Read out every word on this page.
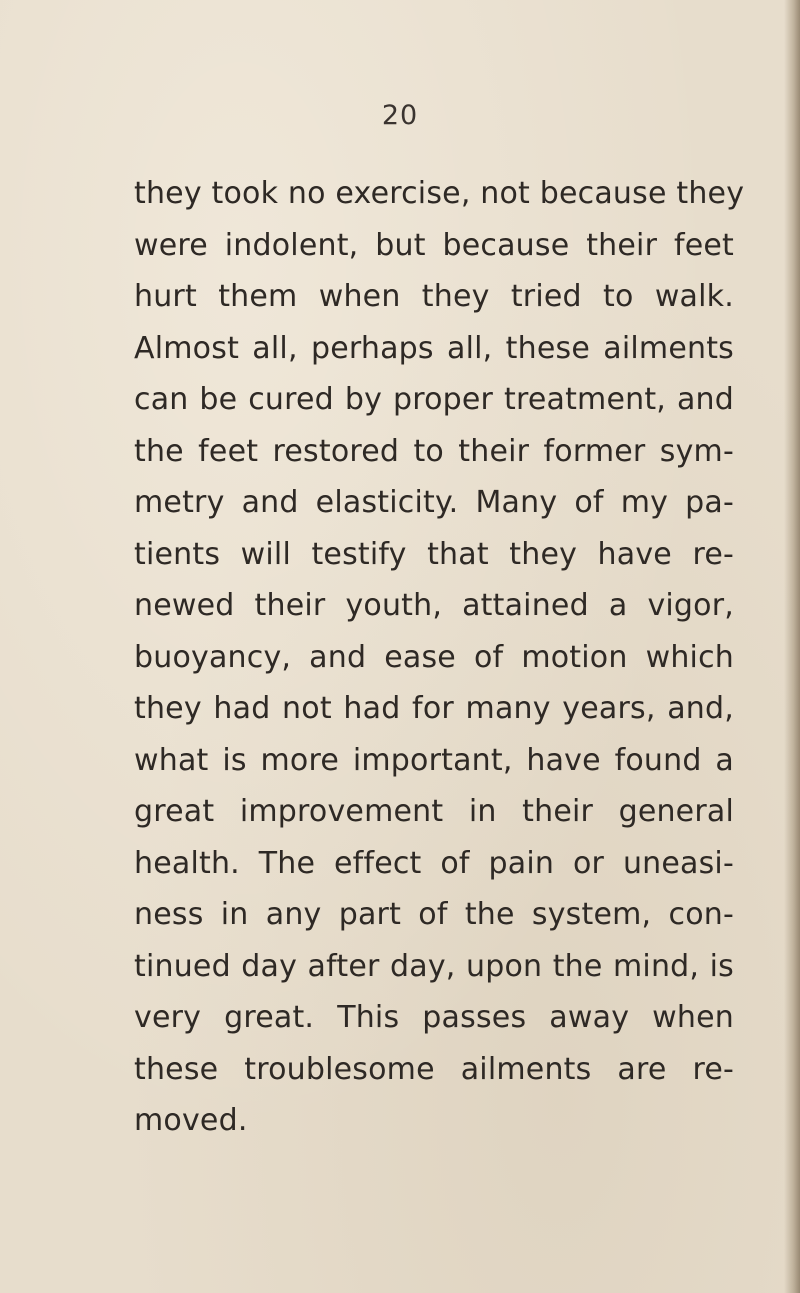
20
they took no exercise, not because they
were indolent, but because their feet
hurt them when they tried to walk.
Almost all, perhaps all, these ailments
can be cured by proper treatment, and
the feet restored to their former sym-
metry and elasticity. Many of my pa-
tients will testify that they have re-
newed their youth, attained a vigor,
buoyancy, and ease of motion which
they had not had for many years, and,
what is more important, have found a
great improvement in their general
health. The effect of pain or uneasi-
ness in any part of the system, con-
tinued day after day, upon the mind, is
very great. This passes away when
these troublesome ailments are re-
moved.
